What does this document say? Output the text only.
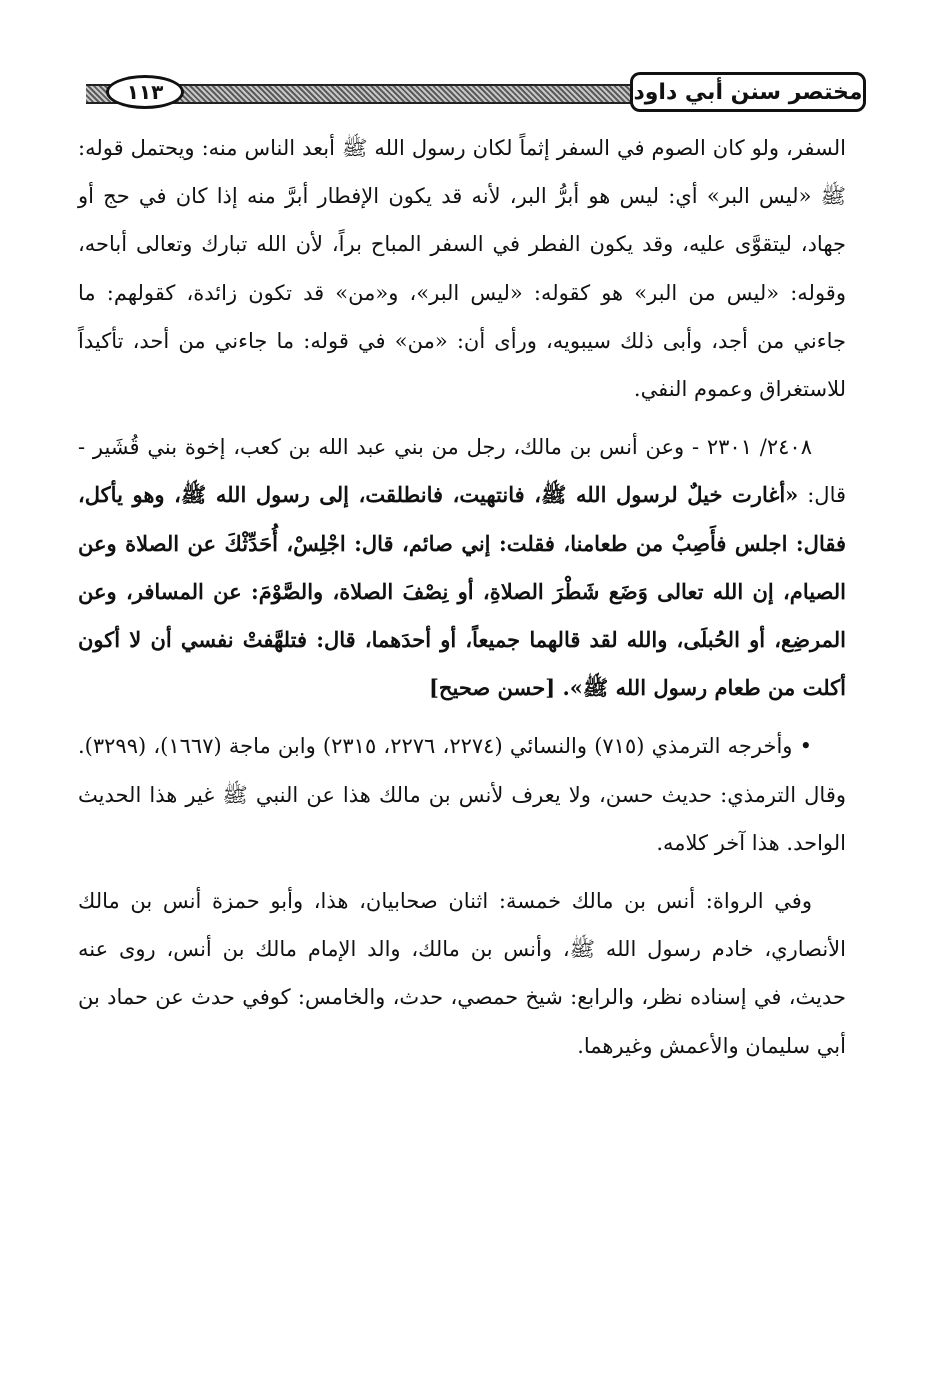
١١٣	مختصر سنن أبي داود

السفر، ولو كان الصوم في السفر إثماً لكان رسول الله ﷺ أبعد الناس منه: ويحتمل قوله: ﷺ «ليس البر» أي: ليس هو أبرُّ البر، لأنه قد يكون الإفطار أبرَّ منه إذا كان في حج أو جهاد، ليتقوَّى عليه، وقد يكون الفطر في السفر المباح براً، لأن الله تبارك وتعالى أباحه، وقوله: «ليس من البر» هو كقوله: «ليس البر»، و«من» قد تكون زائدة، كقولهم: ما جاءني من أجد، وأبى ذلك سيبويه، ورأى أن: «من» في قوله: ما جاءني من أحد، تأكيداً للاستغراق وعموم النفي.

٢٤٠٨/ ٢٣٠١ - وعن أنس بن مالك، رجل من بني عبد الله بن كعب، إخوة بني قُشَير - قال: «أغارت خيلٌ لرسول الله ﷺ، فانتهيت، فانطلقت، إلى رسول الله ﷺ، وهو يأكل، فقال: اجلس فأَصِبْ من طعامنا، فقلت: إني صائم، قال: اجْلِسْ، أُحَدِّثْكَ عن الصلاة وعن الصيام، إن الله تعالى وَضَع شَطْرَ الصلاةِ، أو نِصْفَ الصلاة، والصَّوْمَ: عن المسافر، وعن المرضِع، أو الحُبلَى، والله لقد قالهما جميعاً، أو أحدَهما، قال: فتلهَّفتْ نفسي أن لا أكون أكلت من طعام رسول الله ﷺ». [حسن صحيح]

• وأخرجه الترمذي (٧١٥) والنسائي (٢٢٧٤، ٢٢٧٦، ٢٣١٥) وابن ماجة (١٦٦٧)، (٣٢٩٩). وقال الترمذي: حديث حسن، ولا يعرف لأنس بن مالك هذا عن النبي ﷺ غير هذا الحديث الواحد. هذا آخر كلامه.

وفي الرواة: أنس بن مالك خمسة: اثنان صحابيان، هذا، وأبو حمزة أنس بن مالك الأنصاري، خادم رسول الله ﷺ، وأنس بن مالك، والد الإمام مالك بن أنس، روى عنه حديث، في إسناده نظر، والرابع: شيخ حمصي، حدث، والخامس: كوفي حدث عن حماد بن أبي سليمان والأعمش وغيرهما.
